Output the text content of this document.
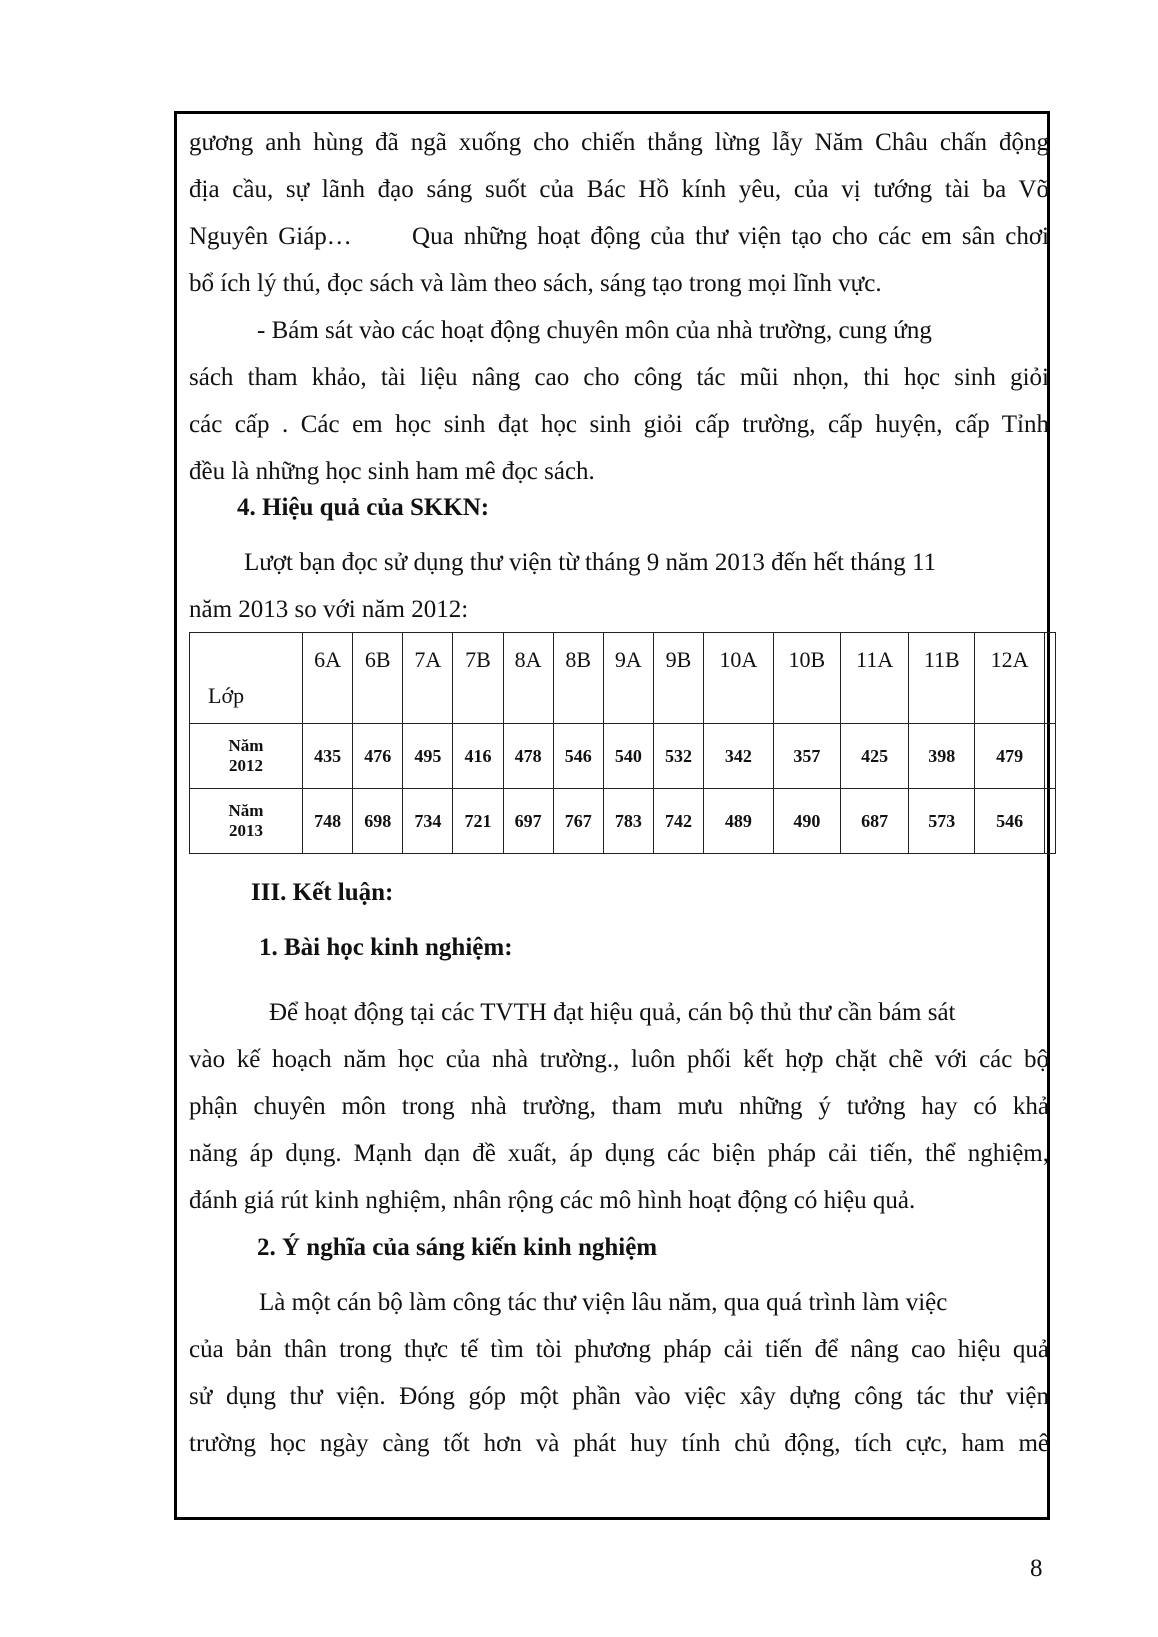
gương anh hùng đã ngã xuống cho chiến thắng lừng lẫy Năm Châu chấn động
địa cầu, sự lãnh đạo sáng suốt của Bác Hồ kính yêu, của vị tướng tài ba Võ
Nguyên Giáp…      Qua những hoạt động của thư viện tạo cho các em sân chơi
bổ ích lý thú, đọc sách và làm theo sách, sáng tạo trong mọi lĩnh vực.
- Bám sát vào các hoạt động chuyên môn của nhà trường, cung ứng
sách tham khảo, tài liệu nâng cao cho công tác mũi nhọn, thi học sinh giỏi
các cấp . Các em học sinh đạt học sinh giỏi cấp trường, cấp huyện, cấp Tỉnh
đều là những học sinh ham mê đọc sách.
4. Hiệu quả của SKKN:
Lượt bạn đọc sử dụng thư viện từ tháng 9 năm 2013 đến hết tháng 11
năm 2013 so với năm 2012:
Lớp	6A	6B	7A	7B	8A	8B	9A	9B	10A	10B	11A	11B	12A	
Năm
2012	435	476	495	416	478	546	540	532	342	357	425	398	479	
Năm
2013	748	698	734	721	697	767	783	742	489	490	687	573	546	
III. Kết luận:
1. Bài học kinh nghiệm:
Để hoạt động tại các TVTH đạt hiệu quả, cán bộ thủ thư cần bám sát
vào kế hoạch năm học của nhà trường., luôn phối kết hợp chặt chẽ với các bộ
phận chuyên môn trong nhà trường, tham mưu những ý tưởng hay có khả
năng áp dụng. Mạnh dạn đề xuất, áp dụng các biện pháp cải tiến, thể nghiệm,
đánh giá rút kinh nghiệm, nhân rộng các mô hình hoạt động có hiệu quả.
2. Ý nghĩa của sáng kiến kinh nghiệm
Là một cán bộ làm công tác thư viện lâu năm, qua quá trình làm việc
của bản thân trong thực tế tìm tòi phương pháp cải tiến để nâng cao hiệu quả
sử dụng thư viện. Đóng góp một phần vào việc xây dựng công tác thư viện
trường học ngày càng tốt hơn và phát huy tính chủ động, tích cực, ham mê
8
